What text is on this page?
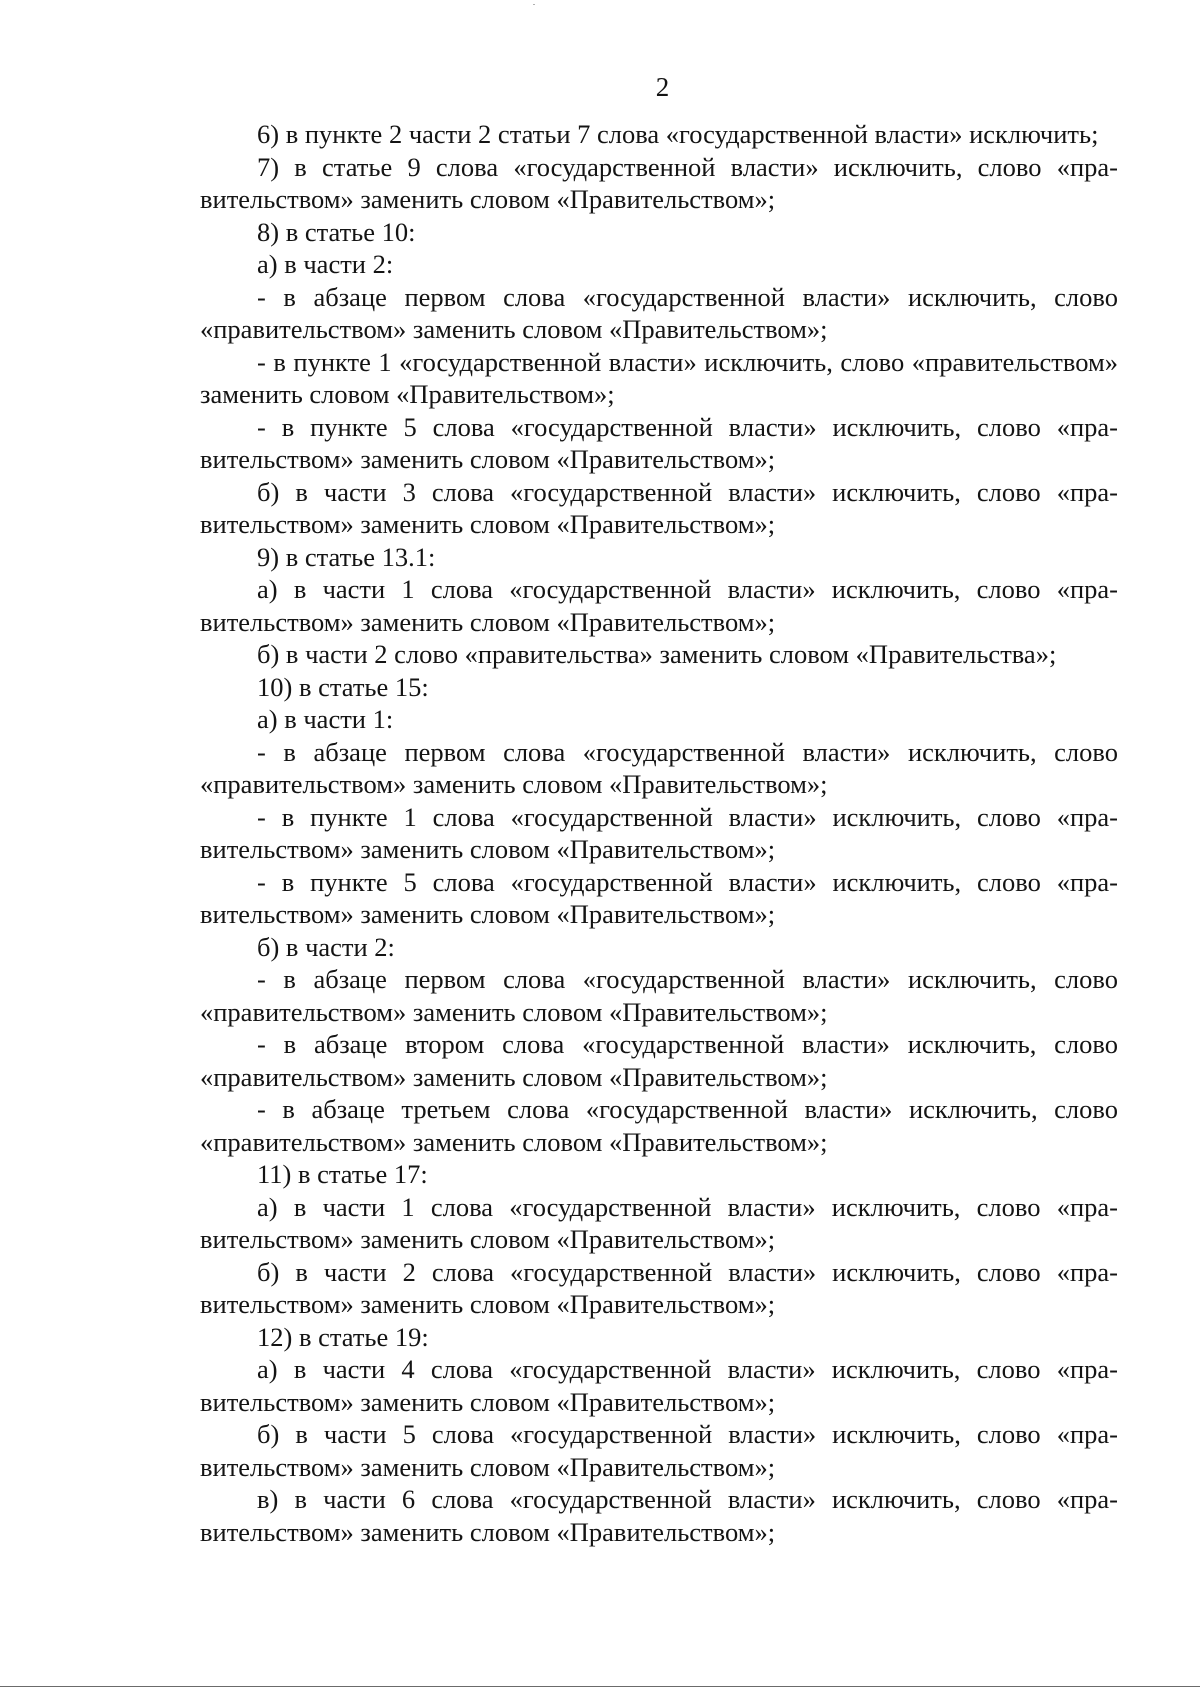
2

6) в пункте 2 части 2 статьи 7 слова «государственной власти» исключить;

7) в статье 9 слова «государственной власти» исключить, слово «правительством» заменить словом «Правительством»;

8) в статье 10:

а) в части 2:

- в абзаце первом слова «государственной власти» исключить, слово «правительством» заменить словом «Правительством»;

- в пункте 1 «государственной власти» исключить, слово «правительством» заменить словом «Правительством»;

- в пункте 5 слова «государственной власти» исключить, слово «правительством» заменить словом «Правительством»;

б) в части 3 слова «государственной власти» исключить, слово «правительством» заменить словом «Правительством»;

9) в статье 13.1:

а) в части 1 слова «государственной власти» исключить, слово «правительством» заменить словом «Правительством»;

б) в части 2 слово «правительства» заменить словом «Правительства»;

10) в статье 15:

а) в части 1:

- в абзаце первом слова «государственной власти» исключить, слово «правительством» заменить словом «Правительством»;

- в пункте 1 слова «государственной власти» исключить, слово «правительством» заменить словом «Правительством»;

- в пункте 5 слова «государственной власти» исключить, слово «правительством» заменить словом «Правительством»;

б) в части 2:

- в абзаце первом слова «государственной власти» исключить, слово «правительством» заменить словом «Правительством»;

- в абзаце втором слова «государственной власти» исключить, слово «правительством» заменить словом «Правительством»;

- в абзаце третьем слова «государственной власти» исключить, слово «правительством» заменить словом «Правительством»;

11) в статье 17:

а) в части 1 слова «государственной власти» исключить, слово «правительством» заменить словом «Правительством»;

б) в части 2 слова «государственной власти» исключить, слово «правительством» заменить словом «Правительством»;

12) в статье 19:

а) в части 4 слова «государственной власти» исключить, слово «правительством» заменить словом «Правительством»;

б) в части 5 слова «государственной власти» исключить, слово «правительством» заменить словом «Правительством»;

в) в части 6 слова «государственной власти» исключить, слово «правительством» заменить словом «Правительством»;
